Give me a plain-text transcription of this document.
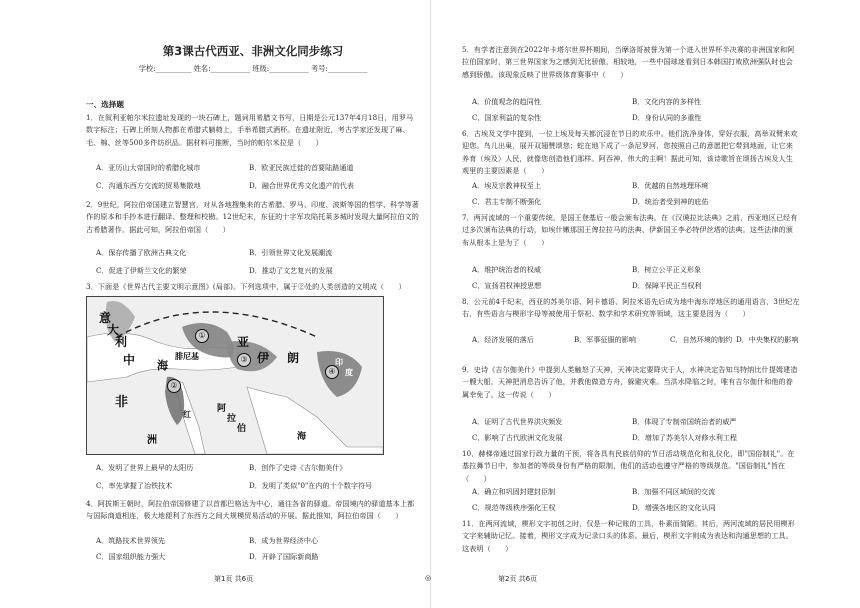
第3课古代西亚、非洲文化同步练习
学校:__________ 姓名:___________ 班级:___________ 考号:___________
一、选择题
1．在叙利亚帕尔米拉遗址发现的一块石碑上，题词用希腊文书写，日期是公元137年4月18日，用罗马数字标注；石碑上所刻人物都在希腊式躺椅上，手举希腊式酒杯。在遗址附近，考古学家还发现了麻、毛、棉、丝等500多件纺织品。据材料可推断，当时的帕尔米拉是（　　）
A．亚历山大帝国时的希腊化城市	B．欧亚民族迁徙的首要陆路通道
C．沟通东西方交流的贸易集散地	D．融合世界优秀文化遗产的代表
2．9世纪，阿拉伯帝国建立智慧宫，对从各地搜集来的古希腊、罗马、印度、波斯等国的哲学、科学等著作的原本和手抄本进行翻译、整理和校勘。12世纪末，东征的十字军攻陷托莱多城时发现大量阿拉伯文的古希腊著作。据此可知，阿拉伯帝国（　　）
A．保存传播了欧洲古典文化	B．引领世界文化发展潮流
C．促进了伊斯兰文化的繁荣	D．推动了文艺复兴的发展
3．下面是《世界古代主要文明示意图》(局部)。下列选项中，属于②处的人类创造的文明成（　　）
意
大
利
中 海
腓尼基
亚
伊 朗
非
洲
阿
拉
伯
海
印
度
红
①
②
③
④
A．发明了世界上最早的太阳历	B．创作了史诗《吉尔伽美什》
C．率先掌握了冶铁技术	D．发明了类似"0"在内的十个数字符号
4．阿拔斯王朝时，阿拉伯帝国修建了以首都巴格达为中心，通往各省的驿道。帝国境内的驿道基本上都与国际商道相连，极大地便利了东西方之间大规模贸易活动的开展。据此推知，阿拉伯帝国（　　）
A．筑路技术世界领先	B．成为世界经济中心
C．国家组织能力强大	D．开辟了国际新商路
第1页 共6页
5．有学者注意到在2022年卡塔尔世界杯期间，当摩洛哥被誉为第一个进入世界杯半决赛的非洲国家和阿拉伯国家时，第三世界国家为之感到无比骄傲，相较地，一些中国球迷看到日本韩国打败欧洲强队时也会感到骄傲。该现象反映了世界级体育赛事中（　　）
A．价值观念的趋同性	B．文化内容的多样性
C．国家利益的复杂性	D．身份认同的多重性
6．古埃及文学中提到，一位上埃及每天都沉浸在节日的欢乐中。他们洗净身体，穿好衣服，高举双臂来欢迎您。鸟儿出巢，展开双翅赞颂您；蛇在地下成了一条尼罗河，您按照自己的意愿把它带到地面，让它来养育（埃及）人民，就像您创造他们那样。阿吞神，伟大的主啊！据此可知，该诗歌旨在颂扬古埃及人生观里的主要因素是（　　）
A．埃及宗教神权至上	B．优越的自然地理环境
C．君主专制不断强化	D．统治者受到神的庇佑
7．两河流域的一个重要传统，是国王登基后一般会颁布法典。在《汉谟拉比法典》之前，西亚地区已经有过多次颁布法典的行动，如埃什嫩那国王俾拉拉马的法典、伊新国王李必特伊丝塔的法典。这些法律的颁布从根本上是为了（　　）
A．维护统治者的权威	B．树立公平正义形象
C．宣扬君权神授思想	D．保障平民正当权利
8．公元前4千纪末，西亚的苏美尔语、阿卡德语、阿拉米语先后成为地中海东岸地区的通用语言，3世纪左右，有些语言与楔形字母等被使用于祭祀、数学和学术研究等领域，这主要是因为（　　）
A．经济发展的落后	B．军事征服的影响	C．自然环境的制约 D．中央集权的影响
9．史诗《吉尔伽美什》中提到人类触怒了天神，天神决定要降灾于人，水神决定告知乌特纳比什提姆建造一艘大船，天神把消息告诉了他，并教他做造方舟，躲避灾难。当洪水降临之时，唯有吉尔伽什和他的眷属幸免了。这一传说（　　）
A．证明了古代世界洪灾频发	B．体现了专制帝国统治者的威严
C．影响了古代欧洲文化发展	D．增加了苏美尔人对修水利工程
10．赫梯帝通过国家行政力量的干预，将各具有民族信仰的节日活动规范化和礼仪化，即"国俗制礼"。在基拉舞节日中，参加者的等级身份有严格的限制，他们的活动也遵守严格的等级规范。"国俗制礼"旨在（　　）
A．确立和巩固封建封臣制	B．加强不同区域间的交流
C．规范等级秩序强化王权	D．增强各地区的文化认同
11．在两河流域，楔形文字初创之时，仅是一种记账的工具，朴素而简陋。其后，两河流域的居民用楔形文字来辅助记忆。接着，楔形文字成为记录口头的体系。最后，楔形文字则成为表达和沟通思想的工具。这表明（　　）
◎	第2页 共6页
